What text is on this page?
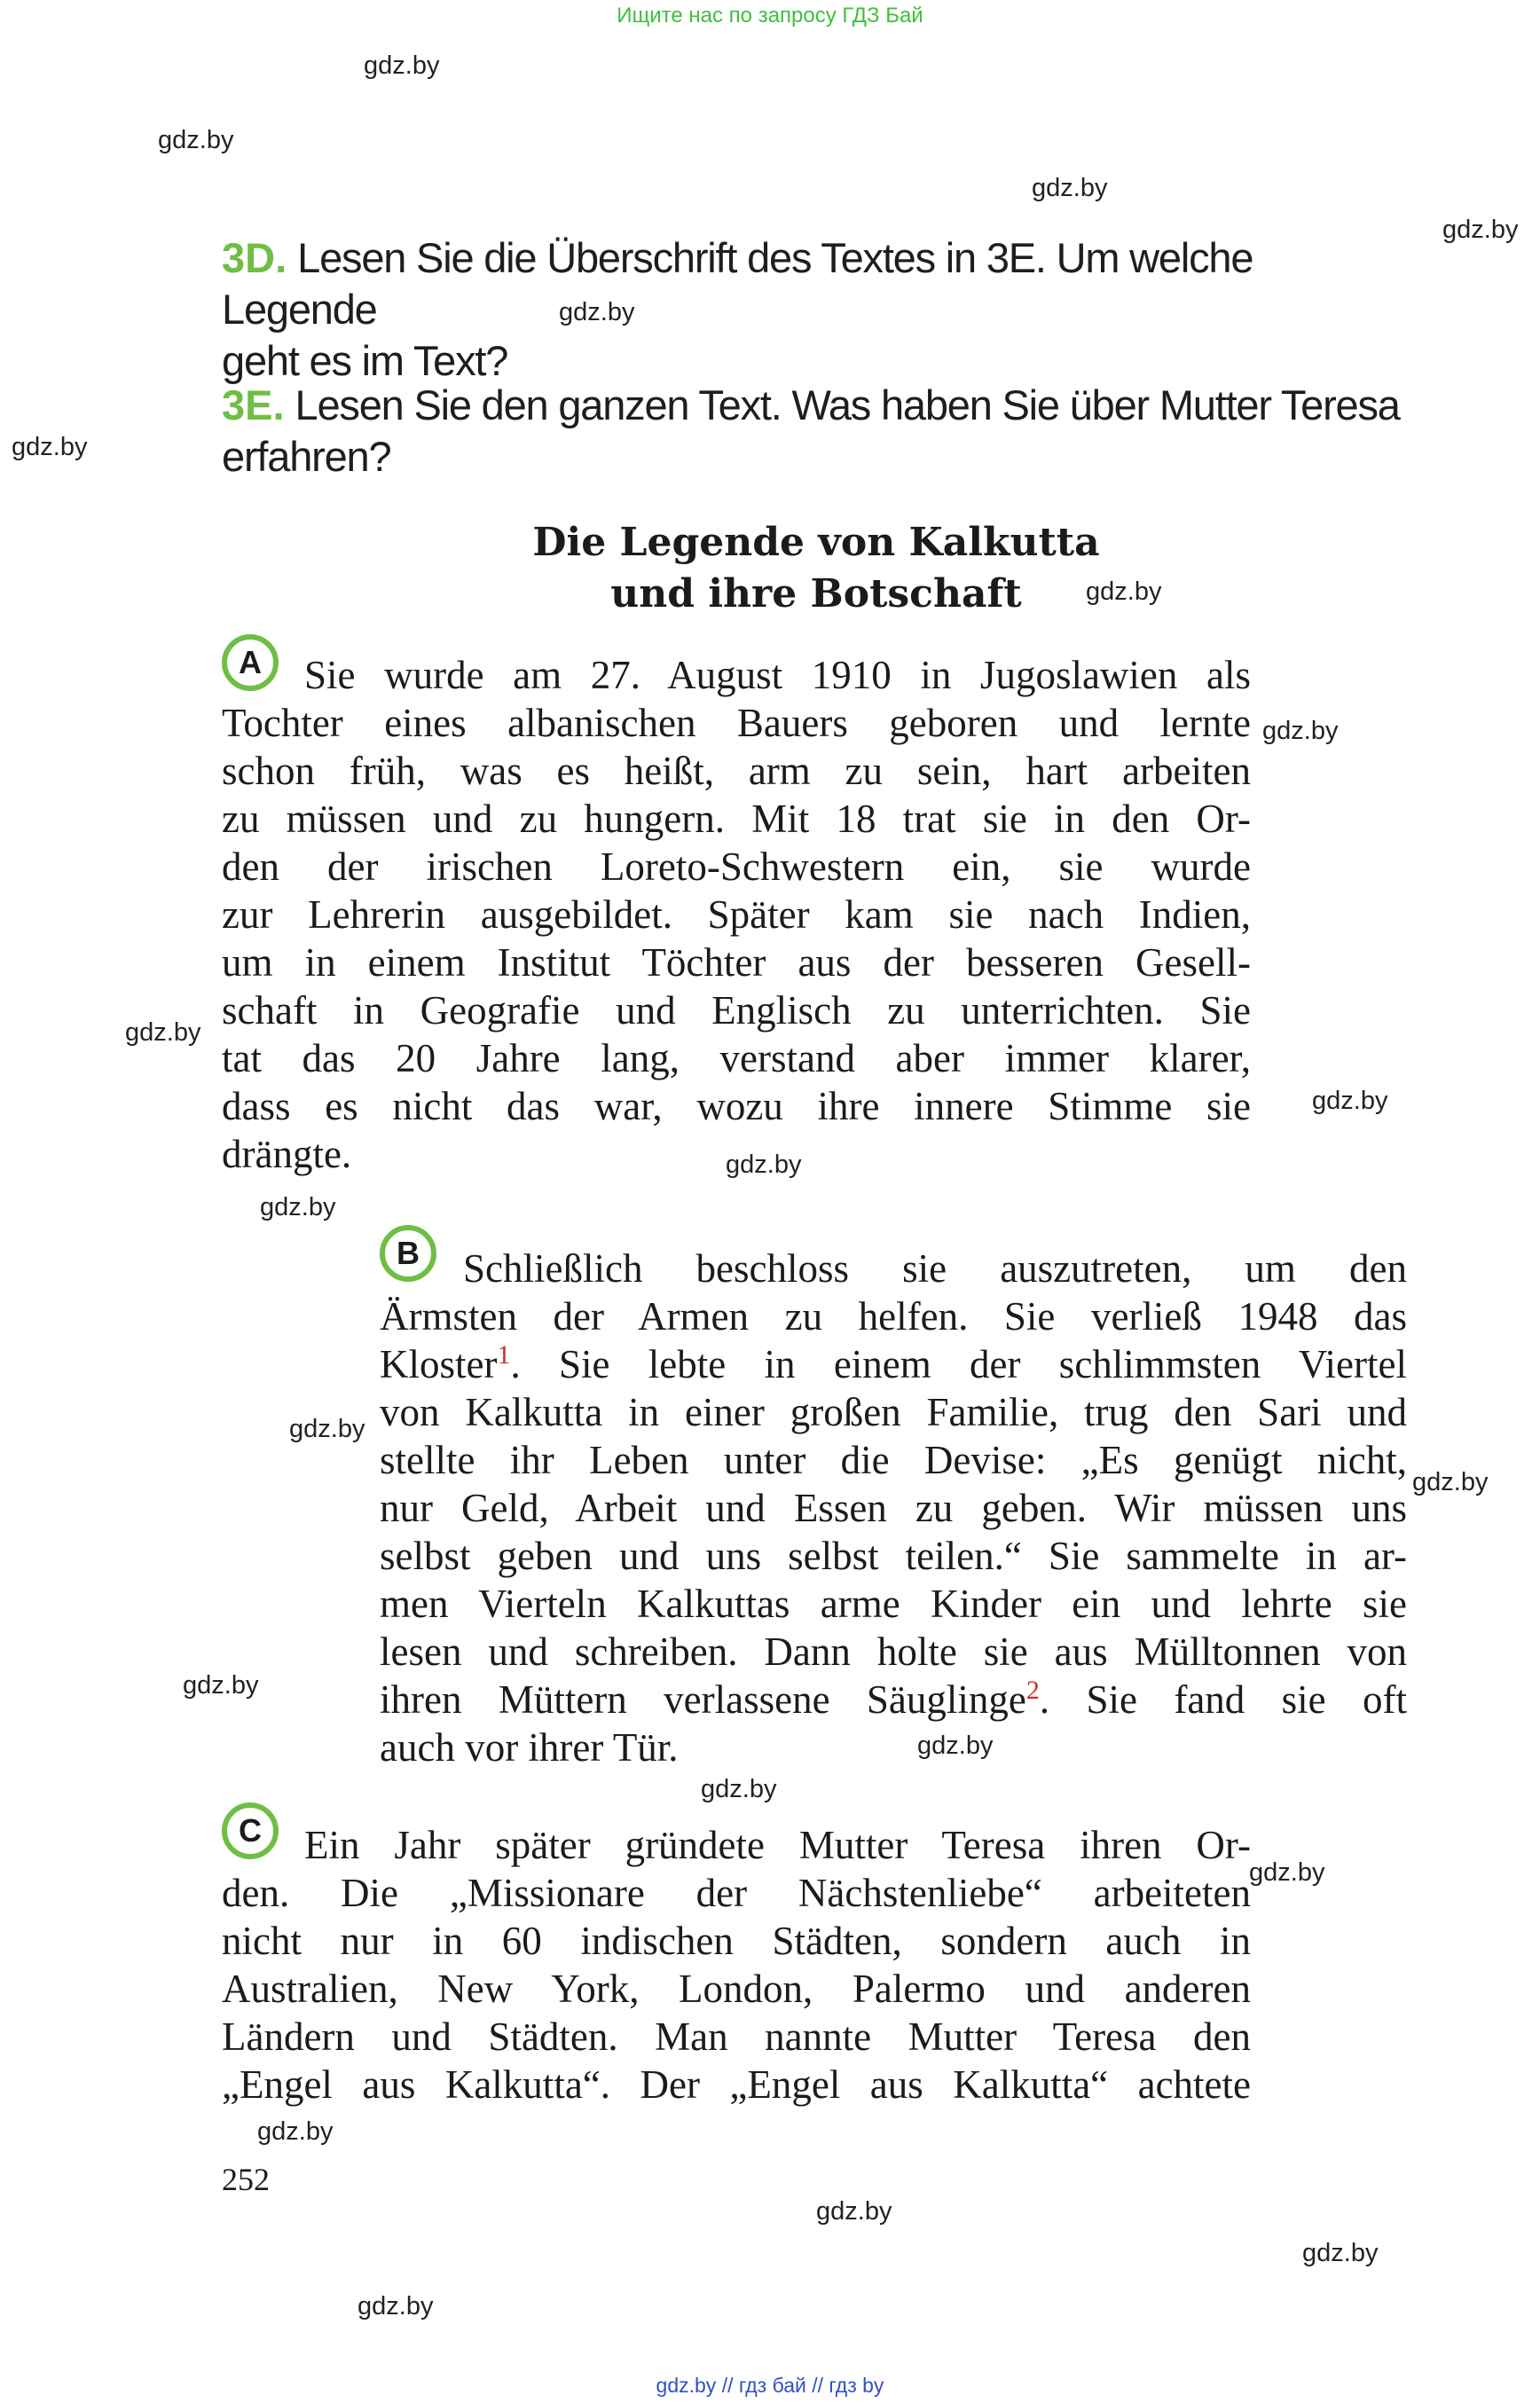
Ищите нас по запросу ГДЗ Бай
gdz.by
gdz.by
gdz.by
gdz.by
gdz.by
gdz.by
gdz.by
gdz.by
gdz.by
gdz.by
gdz.by
gdz.by
gdz.by
gdz.by
gdz.by
gdz.by
gdz.by
gdz.by
gdz.by
gdz.by
gdz.by
gdz.by
3D. Lesen Sie die Überschrift des Textes in 3E. Um welche Legende
geht es im Text?
3E. Lesen Sie den ganzen Text. Was haben Sie über Mutter Teresa
erfahren?
Die Legende von Kalkutta
und ihre Botschaft
A	Sie wurde am 27. August 1910 in Jugoslawien als
Tochter eines albanischen Bauers geboren und lernte
schon früh, was es heißt, arm zu sein, hart arbeiten
zu müssen und zu hungern. Mit 18 trat sie in den Or-
den der irischen Loreto-Schwestern ein, sie wurde
zur Lehrerin ausgebildet. Später kam sie nach Indien,
um in einem Institut Töchter aus der besseren Gesell-
schaft in Geografie und Englisch zu unterrichten. Sie
tat das 20 Jahre lang, verstand aber immer klarer,
dass es nicht das war, wozu ihre innere Stimme sie
drängte.
B	Schließlich beschloss sie auszutreten, um den
Ärmsten der Armen zu helfen. Sie verließ 1948 das
Kloster$^1$. Sie lebte in einem der schlimmsten Viertel
von Kalkutta in einer großen Familie, trug den Sari und
stellte ihr Leben unter die Devise: „Es genügt nicht,
nur Geld, Arbeit und Essen zu geben. Wir müssen uns
selbst geben und uns selbst teilen.“ Sie sammelte in ar-
men Vierteln Kalkuttas arme Kinder ein und lehrte sie
lesen und schreiben. Dann holte sie aus Mülltonnen von
ihren Müttern verlassene Säuglinge$^2$. Sie fand sie oft
auch vor ihrer Tür.
C	Ein Jahr später gründete Mutter Teresa ihren Or-
den. Die „Missionare der Nächstenliebe“ arbeiteten
nicht nur in 60 indischen Städten, sondern auch in
Australien, New York, London, Palermo und anderen
Ländern und Städten. Man nannte Mutter Teresa den
„Engel aus Kalkutta“. Der „Engel aus Kalkutta“ achtete
252
gdz.by // гдз бай // гдз by
